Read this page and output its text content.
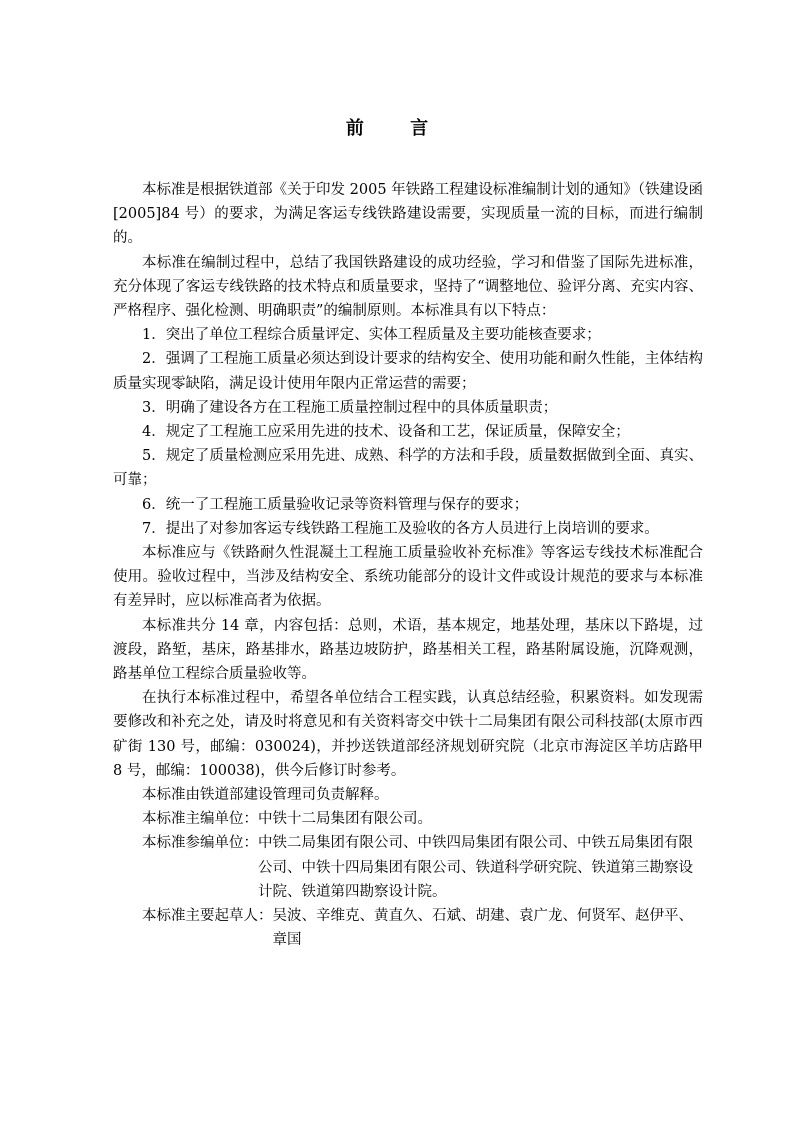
前 言

本标准是根据铁道部《关于印发 2005 年铁路工程建设标准编制计划的通知》（铁建设函[2005]84 号）的要求，为满足客运专线铁路建设需要，实现质量一流的目标，而进行编制的。

本标准在编制过程中，总结了我国铁路建设的成功经验，学习和借鉴了国际先进标准，充分体现了客运专线铁路的技术特点和质量要求，坚持了“调整地位、验评分离、充实内容、严格程序、强化检测、明确职责”的编制原则。本标准具有以下特点：

1．突出了单位工程综合质量评定、实体工程质量及主要功能核查要求；

2．强调了工程施工质量必须达到设计要求的结构安全、使用功能和耐久性能，主体结构质量实现零缺陷，满足设计使用年限内正常运营的需要；

3．明确了建设各方在工程施工质量控制过程中的具体质量职责；

4．规定了工程施工应采用先进的技术、设备和工艺，保证质量，保障安全；

5．规定了质量检测应采用先进、成熟、科学的方法和手段，质量数据做到全面、真实、可靠；

6．统一了工程施工质量验收记录等资料管理与保存的要求；

7．提出了对参加客运专线铁路工程施工及验收的各方人员进行上岗培训的要求。

本标准应与《铁路耐久性混凝土工程施工质量验收补充标准》等客运专线技术标准配合使用。验收过程中，当涉及结构安全、系统功能部分的设计文件或设计规范的要求与本标准有差异时，应以标准高者为依据。

本标准共分 14 章，内容包括：总则，术语，基本规定，地基处理，基床以下路堤，过渡段，路堑，基床，路基排水，路基边坡防护，路基相关工程，路基附属设施，沉降观测，路基单位工程综合质量验收等。

在执行本标准过程中，希望各单位结合工程实践，认真总结经验，积累资料。如发现需要修改和补充之处，请及时将意见和有关资料寄交中铁十二局集团有限公司科技部(太原市西矿街 130 号，邮编：030024)，并抄送铁道部经济规划研究院（北京市海淀区羊坊店路甲 8 号，邮编：100038)，供今后修订时参考。

本标准由铁道部建设管理司负责解释。

本标准主编单位：中铁十二局集团有限公司。

本标准参编单位： 中铁二局集团有限公司、中铁四局集团有限公司、中铁五局集团有限公司、中铁十四局集团有限公司、铁道科学研究院、铁道第三勘察设计院、铁道第四勘察设计院。
本标准主要起草人： 吴波、辛维克、黄直久、石斌、胡建、袁广龙、何贤军、赵伊平、章国
